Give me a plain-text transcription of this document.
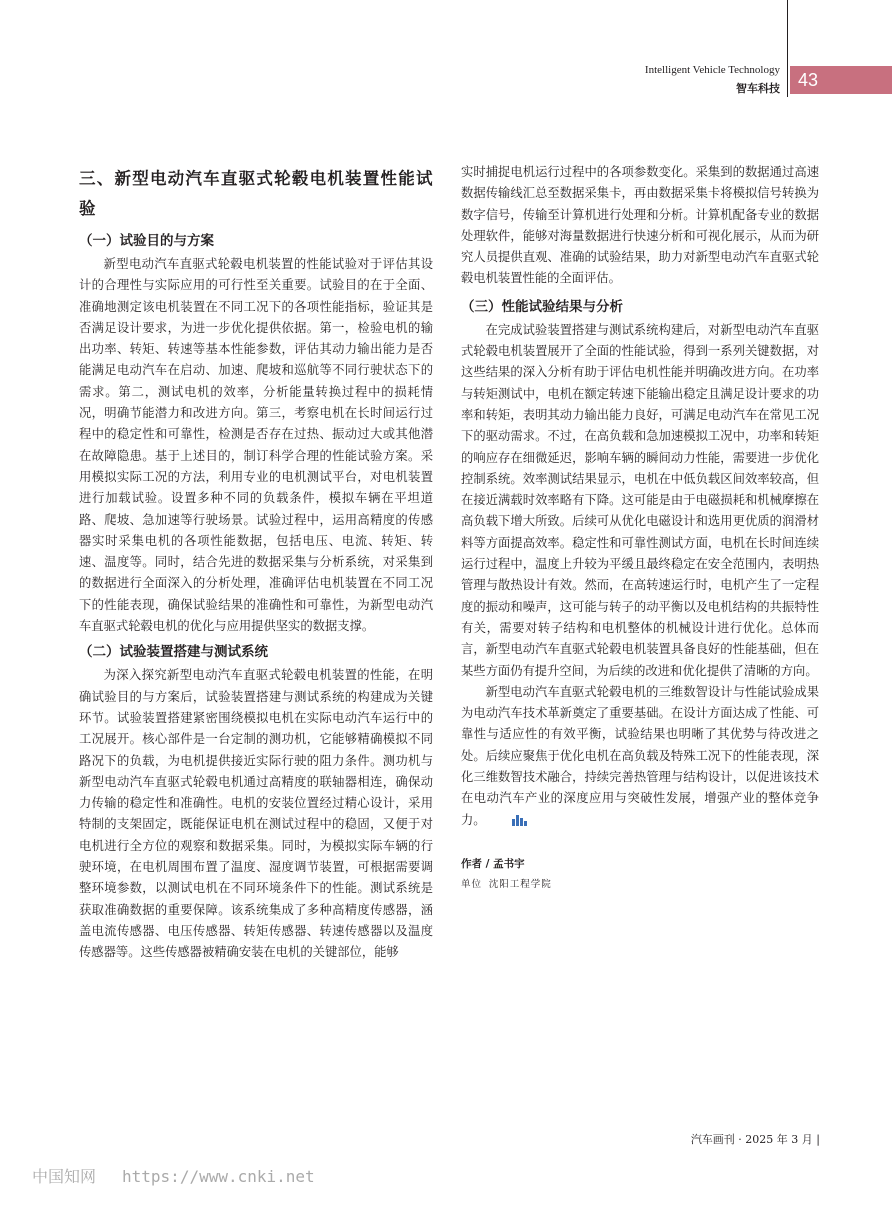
Intelligent Vehicle Technology
智车科技	43
三、新型电动汽车直驱式轮毂电机装置性能试验
（一）试验目的与方案

新型电动汽车直驱式轮毂电机装置的性能试验对于评估其设计的合理性与实际应用的可行性至关重要。试验目的在于全面、准确地测定该电机装置在不同工况下的各项性能指标，验证其是否满足设计要求，为进一步优化提供依据。第一，检验电机的输出功率、转矩、转速等基本性能参数，评估其动力输出能力是否能满足电动汽车在启动、加速、爬坡和巡航等不同行驶状态下的需求。第二，测试电机的效率，分析能量转换过程中的损耗情况，明确节能潜力和改进方向。第三，考察电机在长时间运行过程中的稳定性和可靠性，检测是否存在过热、振动过大或其他潜在故障隐患。基于上述目的，制订科学合理的性能试验方案。采用模拟实际工况的方法，利用专业的电机测试平台，对电机装置进行加载试验。设置多种不同的负载条件，模拟车辆在平坦道路、爬坡、急加速等行驶场景。试验过程中，运用高精度的传感器实时采集电机的各项性能数据，包括电压、电流、转矩、转速、温度等。同时，结合先进的数据采集与分析系统，对采集到的数据进行全面深入的分析处理，准确评估电机装置在不同工况下的性能表现，确保试验结果的准确性和可靠性，为新型电动汽车直驱式轮毂电机的优化与应用提供坚实的数据支撑。

（二）试验装置搭建与测试系统

为深入探究新型电动汽车直驱式轮毂电机装置的性能，在明确试验目的与方案后，试验装置搭建与测试系统的构建成为关键环节。试验装置搭建紧密围绕模拟电机在实际电动汽车运行中的工况展开。核心部件是一台定制的测功机，它能够精确模拟不同路况下的负载，为电机提供接近实际行驶的阻力条件。测功机与新型电动汽车直驱式轮毂电机通过高精度的联轴器相连，确保动力传输的稳定性和准确性。电机的安装位置经过精心设计，采用特制的支架固定，既能保证电机在测试过程中的稳固，又便于对电机进行全方位的观察和数据采集。同时，为模拟实际车辆的行驶环境，在电机周围布置了温度、湿度调节装置，可根据需要调整环境参数，以测试电机在不同环境条件下的性能。测试系统是获取准确数据的重要保障。该系统集成了多种高精度传感器，涵盖电流传感器、电压传感器、转矩传感器、转速传感器以及温度传感器等。这些传感器被精确安装在电机的关键部位，能够

实时捕捉电机运行过程中的各项参数变化。采集到的数据通过高速数据传输线汇总至数据采集卡，再由数据采集卡将模拟信号转换为数字信号，传输至计算机进行处理和分析。计算机配备专业的数据处理软件，能够对海量数据进行快速分析和可视化展示，从而为研究人员提供直观、准确的试验结果，助力对新型电动汽车直驱式轮毂电机装置性能的全面评估。

（三）性能试验结果与分析

在完成试验装置搭建与测试系统构建后，对新型电动汽车直驱式轮毂电机装置展开了全面的性能试验，得到一系列关键数据，对这些结果的深入分析有助于评估电机性能并明确改进方向。在功率与转矩测试中，电机在额定转速下能输出稳定且满足设计要求的功率和转矩，表明其动力输出能力良好，可满足电动汽车在常见工况下的驱动需求。不过，在高负载和急加速模拟工况中，功率和转矩的响应存在细微延迟，影响车辆的瞬间动力性能，需要进一步优化控制系统。效率测试结果显示，电机在中低负载区间效率较高，但在接近满载时效率略有下降。这可能是由于电磁损耗和机械摩擦在高负载下增大所致。后续可从优化电磁设计和选用更优质的润滑材料等方面提高效率。稳定性和可靠性测试方面，电机在长时间连续运行过程中，温度上升较为平缓且最终稳定在安全范围内，表明热管理与散热设计有效。然而，在高转速运行时，电机产生了一定程度的振动和噪声，这可能与转子的动平衡以及电机结构的共振特性有关，需要对转子结构和电机整体的机械设计进行优化。总体而言，新型电动汽车直驱式轮毂电机装置具备良好的性能基础，但在某些方面仍有提升空间，为后续的改进和优化提供了清晰的方向。

新型电动汽车直驱式轮毂电机的三维数智设计与性能试验成果为电动汽车技术革新奠定了重要基础。在设计方面达成了性能、可靠性与适应性的有效平衡，试验结果也明晰了其优势与待改进之处。后续应聚焦于优化电机在高负载及特殊工况下的性能表现，深化三维数智技术融合，持续完善热管理与结构设计，以促进该技术在电动汽车产业的深度应用与突破性发展，增强产业的整体竞争力。

作者 / 孟书宇
单位 沈阳工程学院
汽车画刊 · 2025 年 3 月 |
中国知网 https://www.cnki.net
